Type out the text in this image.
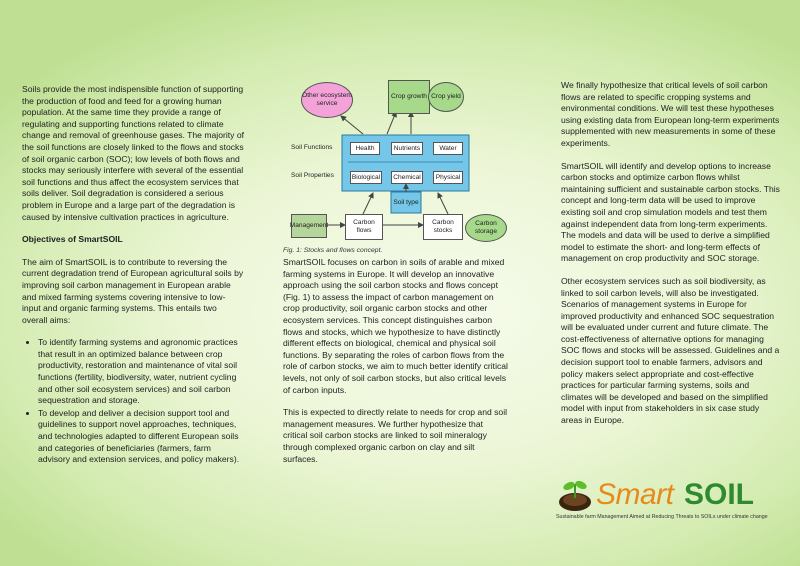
Soils provide the most indispensible function of supporting the production of food and feed for a growing human population. At the same time they provide a range of regulating and supporting functions related to climate change and removal of greenhouse gases. The majority of the soil functions are closely linked to the flows and stocks of soil organic carbon (SOC); low levels of both flows and stocks may seriously interfere with several of the essential soil functions and thus affect the ecosystem services that soils deliver. Soil degradation is considered a serious problem in Europe and a large part of the degradation is caused by intensive cultivation practices in agriculture.

Objectives of SmartSOIL

The aim of SmartSOIL is to contribute to reversing the current degradation trend of European agricultural soils by improving soil carbon management in European arable and mixed farming systems covering intensive to low-input and organic farming systems. This entails two overall aims:

• To identify farming systems and agronomic practices that result in an optimized balance between crop productivity, restoration and maintenance of vital soil functions (fertility, biodiversity, water, nutrient cycling and other soil ecosystem services) and soil carbon sequestration and storage.
• To develop and deliver a decision support tool and guidelines to support novel approaches, techniques, and technologies adapted to different European soils and categories of beneficiaries (farmers, farm advisory and extension services, and policy makers).
Other ecosystem service
Crop growth Crop yield
Soil Functions
Soil Properties
Health	Nutrients	Water
Biological	Chemical	Physical
Soil type
Management	Carbon flows
Carbon stocks
Carbon storage
Fig. 1: Stocks and flows concept.

SmartSOIL focuses on carbon in soils of arable and mixed farming systems in Europe. It will develop an innovative approach using the soil carbon stocks and flows concept (Fig. 1) to assess the impact of carbon management on crop productivity, soil organic carbon stocks and other ecosystem services. This concept distinguishes carbon flows and stocks, which we hypothesize to have distinctly different effects on biological, chemical and physical soil functions. By separating the roles of carbon flows from the role of carbon stocks, we aim to much better identify critical levels, not only of soil carbon stocks, but also critical levels of carbon inputs.

This is expected to directly relate to needs for crop and soil management measures. We further hypothesize that critical soil carbon stocks are linked to soil mineralogy through complexed organic carbon on clay and silt surfaces.

We finally hypothesize that critical levels of soil carbon flows are related to specific cropping systems and environmental conditions. We will test these hypotheses using existing data from European long-term experiments supplemented with new measurements in some of these experiments.

SmartSOIL will identify and develop options to increase carbon stocks and optimize carbon flows whilst maintaining sufficient and sustainable carbon stocks. This concept and long-term data will be used to improve existing soil and crop simulation models and test them against independent data from long-term experiments. The models and data will be used to derive a simplified model to estimate the short- and long-term effects of management on crop productivity and SOC storage.

Other ecosystem services such as soil biodiversity, as linked to soil carbon levels, will also be investigated. Scenarios of management systems in Europe for improved productivity and enhanced SOC sequestration will be evaluated under current and future climate. The cost-effectiveness of alternative options for managing SOC flows and stocks will be assessed. Guidelines and a decision support tool to enable farmers, advisors and policy makers select appropriate and cost-effective practices for particular farming systems, soils and climates will be developed and based on the simplified model with input from stakeholders in six case study areas in Europe.

Smart SOIL
Sustainable farm Management Aimed at Reducing Threats to SOILs under climate change
